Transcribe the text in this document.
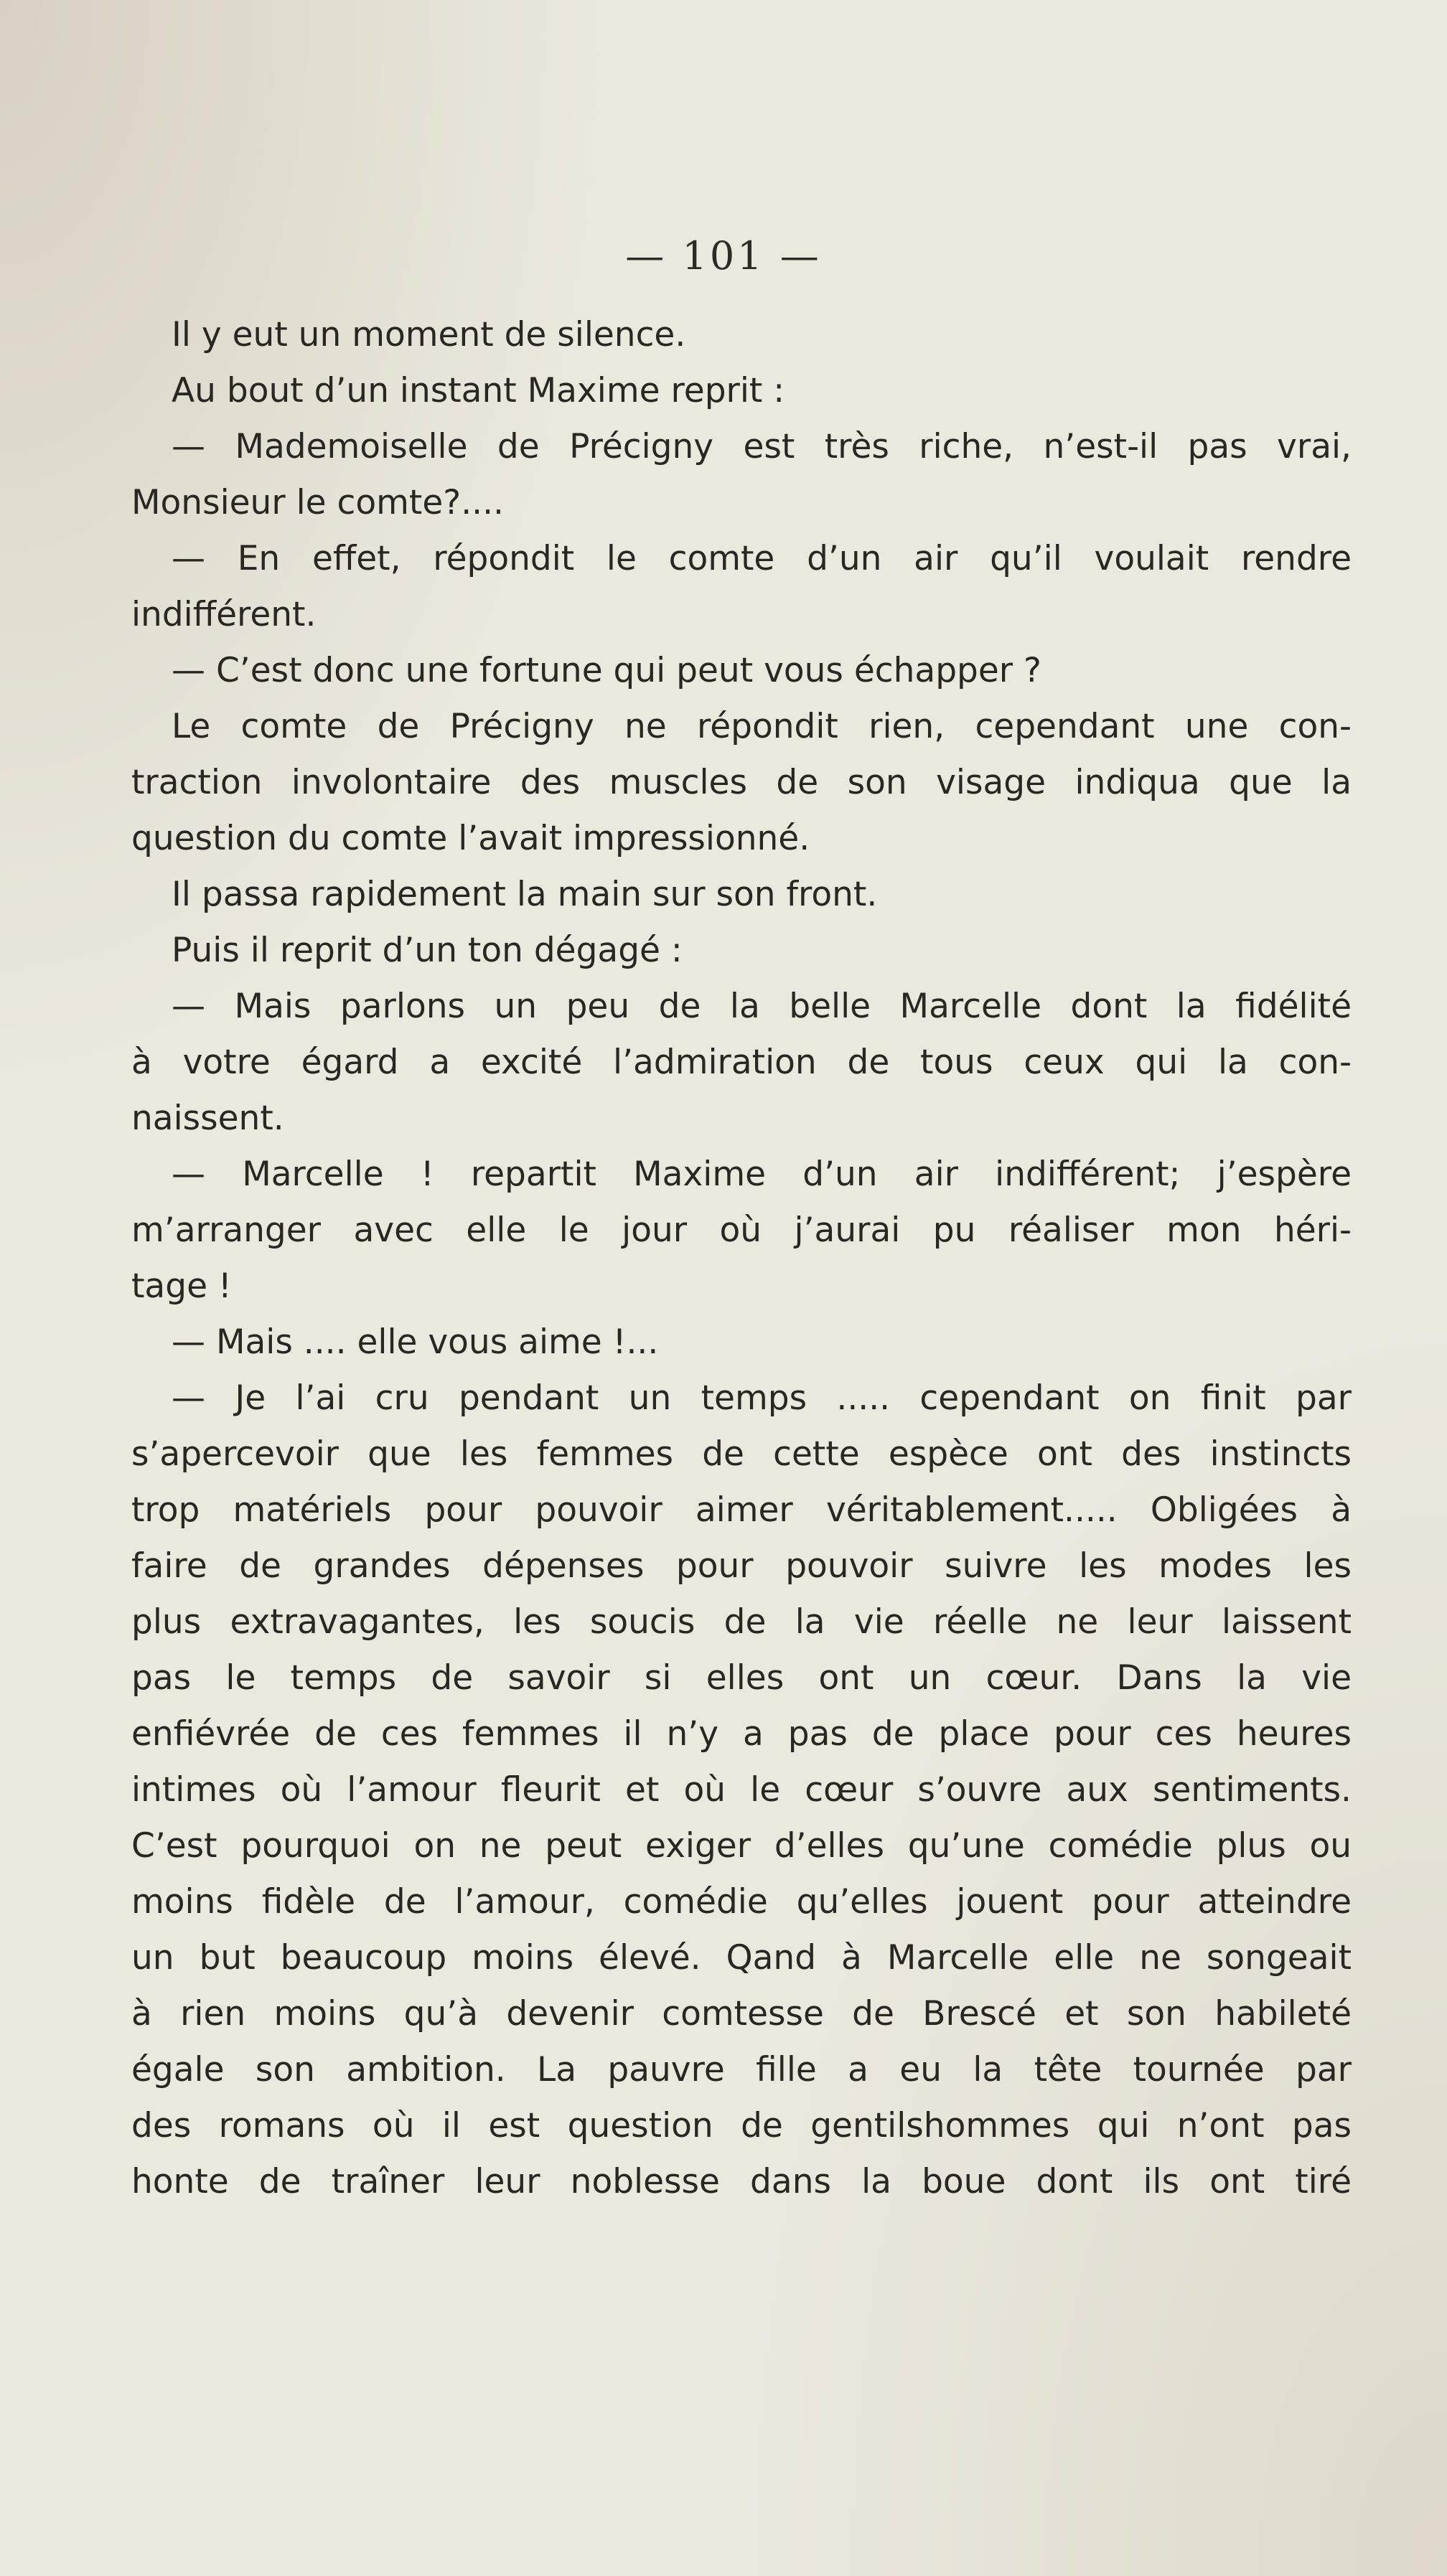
— 101 —
Il y eut un moment de silence.
Au bout d’un instant Maxime reprit :
— Mademoiselle de Précigny est très riche, n’est-il pas vrai,
Monsieur le comte?....
— En effet, répondit le comte d’un air qu’il voulait rendre
indifférent.
— C’est donc une fortune qui peut vous échapper ?
Le comte de Précigny ne répondit rien, cependant une con-
traction involontaire des muscles de son visage indiqua que la
question du comte l’avait impressionné.
Il passa rapidement la main sur son front.
Puis il reprit d’un ton dégagé :
— Mais parlons un peu de la belle Marcelle dont la fidélité
à votre égard a excité l’admiration de tous ceux qui la con-
naissent.
— Marcelle ! repartit Maxime d’un air indifférent; j’espère
m’arranger avec elle le jour où j’aurai pu réaliser mon héri-
tage !
— Mais .... elle vous aime !...
— Je l’ai cru pendant un temps ..... cependant on finit par
s’apercevoir que les femmes de cette espèce ont des instincts
trop matériels pour pouvoir aimer véritablement..... Obligées à
faire de grandes dépenses pour pouvoir suivre les modes les
plus extravagantes, les soucis de la vie réelle ne leur laissent
pas le temps de savoir si elles ont un cœur. Dans la vie
enfiévrée de ces femmes il n’y a pas de place pour ces heures
intimes où l’amour fleurit et où le cœur s’ouvre aux sentiments.
C’est pourquoi on ne peut exiger d’elles qu’une comédie plus ou
moins fidèle de l’amour, comédie qu’elles jouent pour atteindre
un but beaucoup moins élevé. Qand à Marcelle elle ne songeait
à rien moins qu’à devenir comtesse de Brescé et son habileté
égale son ambition. La pauvre fille a eu la tête tournée par
des romans où il est question de gentilshommes qui n’ont pas
honte de traîner leur noblesse dans la boue dont ils ont tiré
